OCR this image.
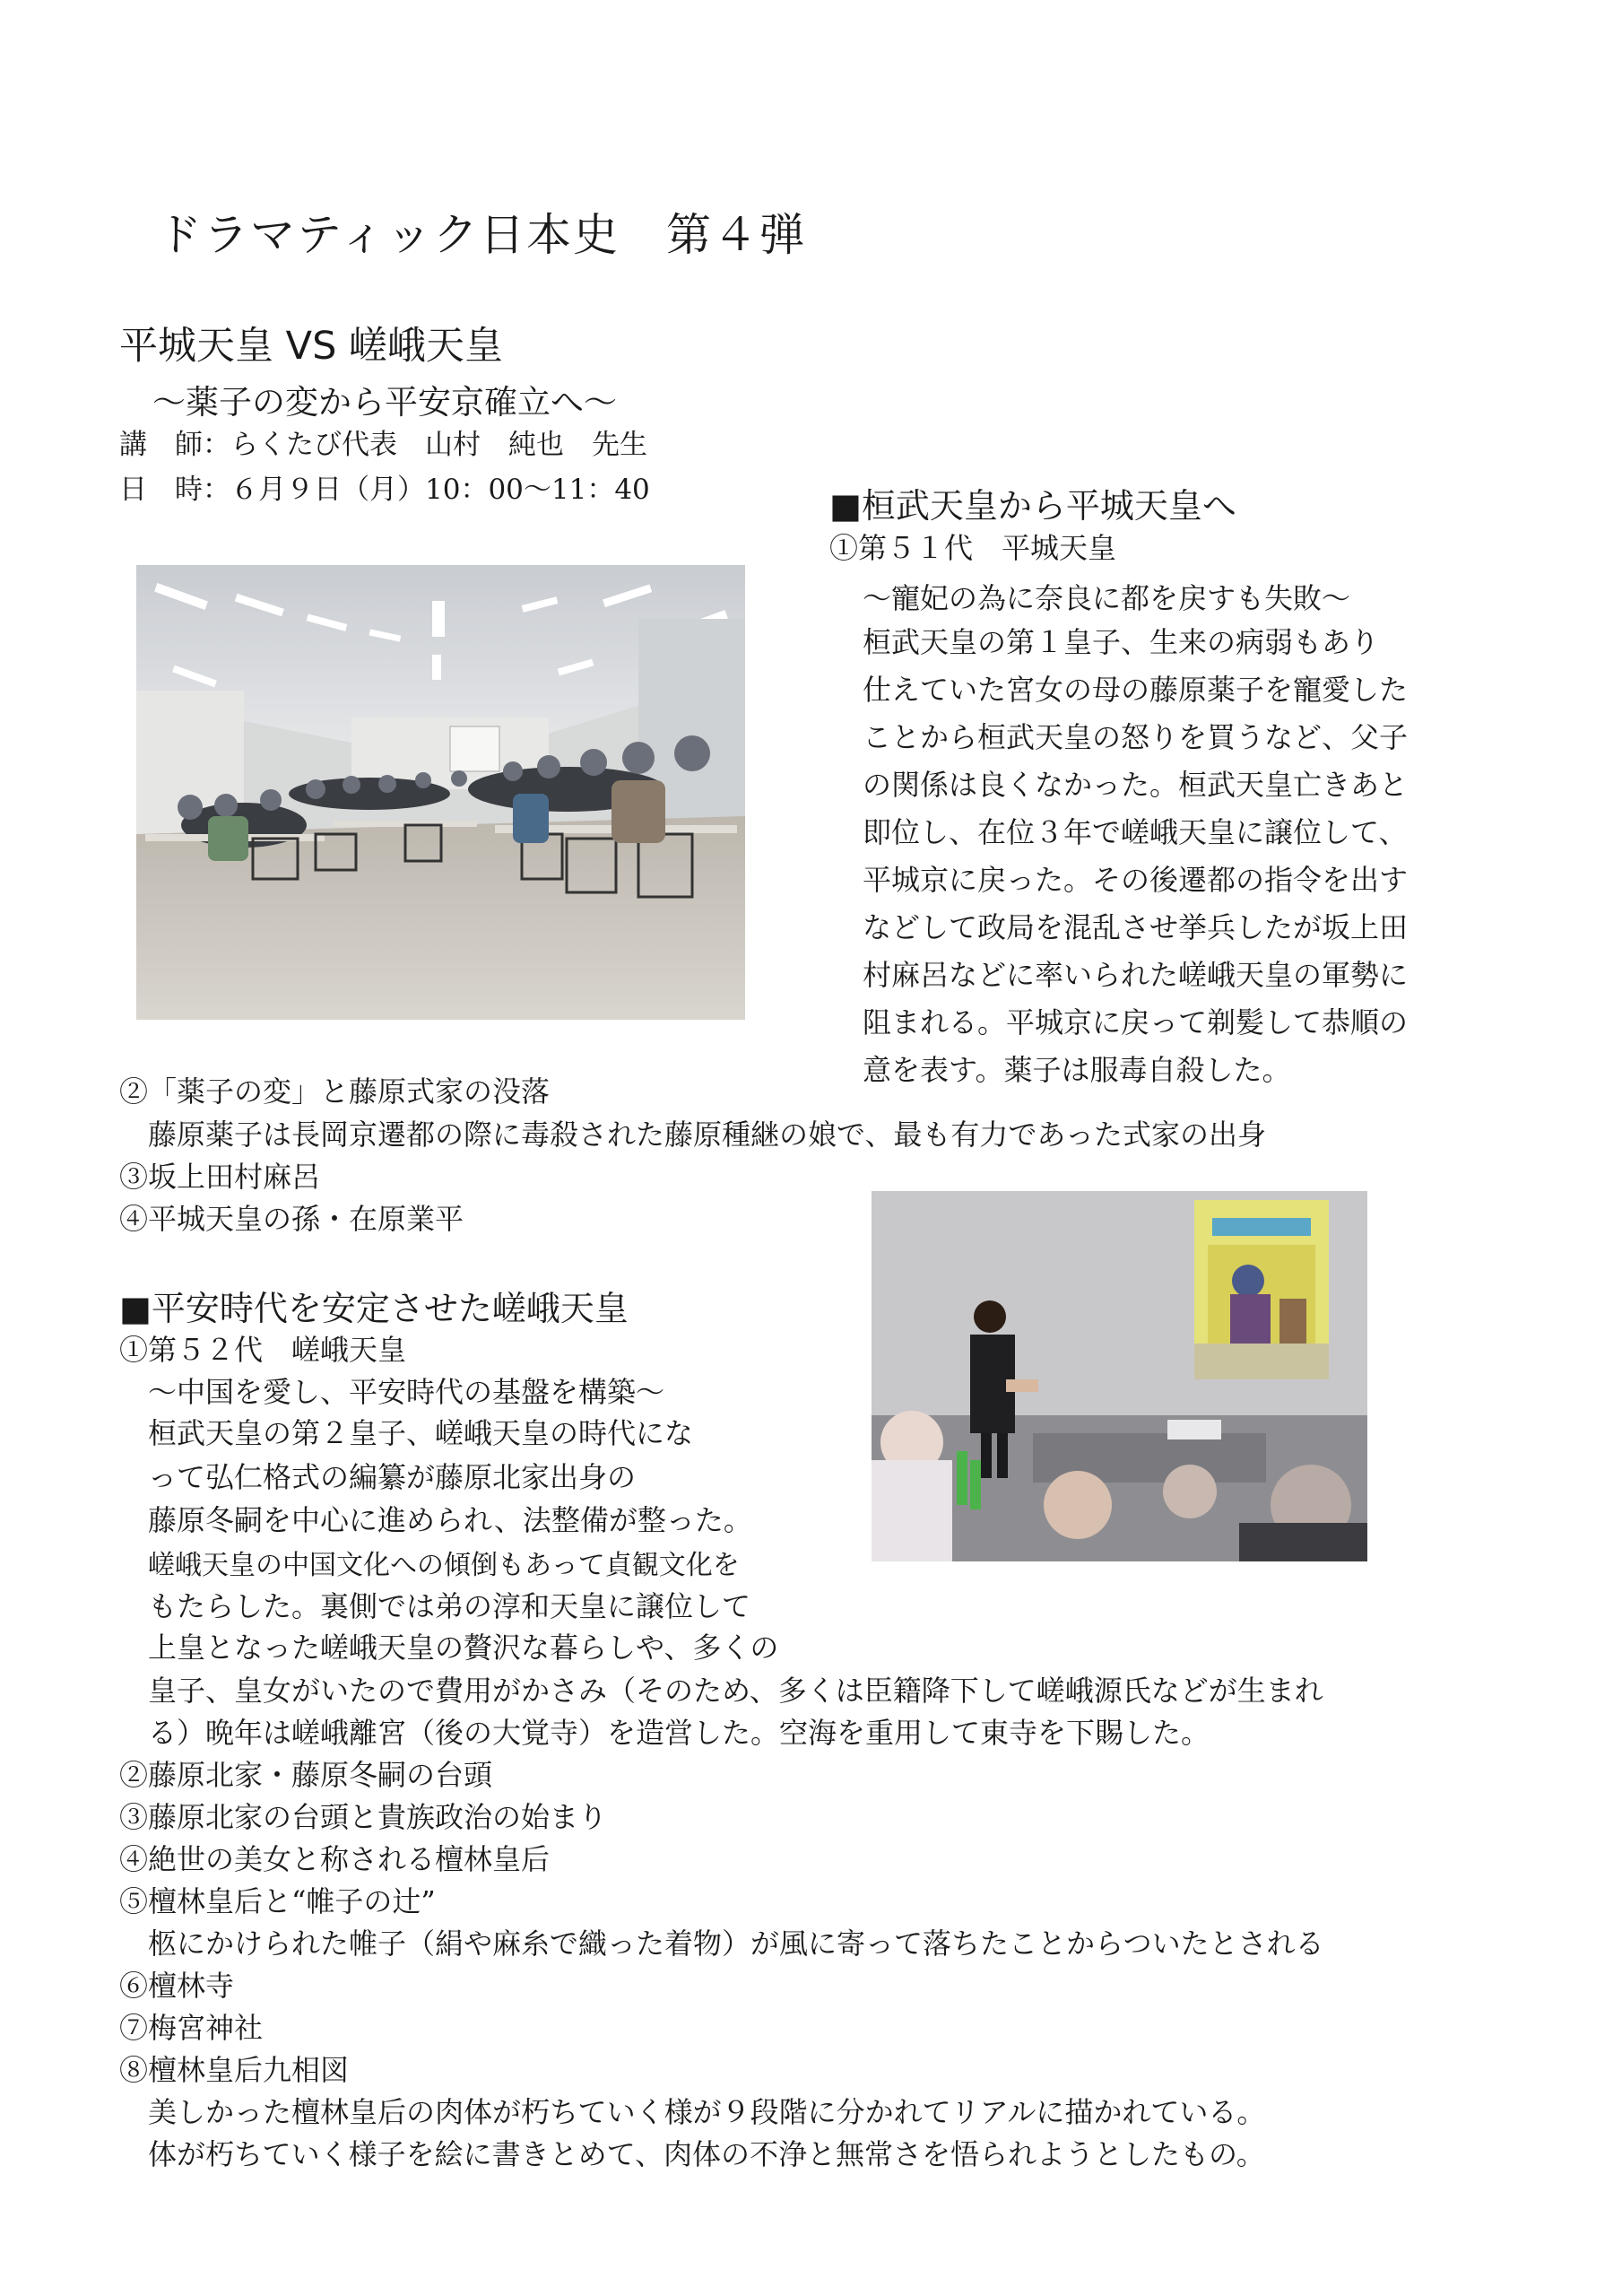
ドラマティック日本史　第４弾
平城天皇 VS 嵯峨天皇
～薬子の変から平安京確立へ～
講　師：らくたび代表　山村　純也　先生
日　時：６月９日（月）10：00～11：40	■桓武天皇から平城天皇へ
①第５１代　平城天皇
～寵妃の為に奈良に都を戻すも失敗～
桓武天皇の第１皇子、生来の病弱もあり
仕えていた宮女の母の藤原薬子を寵愛した
ことから桓武天皇の怒りを買うなど、父子
の関係は良くなかった。桓武天皇亡きあと
即位し、在位３年で嵯峨天皇に譲位して、
平城京に戻った。その後遷都の指令を出す
などして政局を混乱させ挙兵したが坂上田
村麻呂などに率いられた嵯峨天皇の軍勢に
阻まれる。平城京に戻って剃髪して恭順の
意を表す。薬子は服毒自殺した。
②「薬子の変」と藤原式家の没落
藤原薬子は長岡京遷都の際に毒殺された藤原種継の娘で、最も有力であった式家の出身
③坂上田村麻呂
④平城天皇の孫・在原業平
■平安時代を安定させた嵯峨天皇
①第５２代　嵯峨天皇
～中国を愛し、平安時代の基盤を構築～
桓武天皇の第２皇子、嵯峨天皇の時代にな
って弘仁格式の編纂が藤原北家出身の
藤原冬嗣を中心に進められ、法整備が整った。
嵯峨天皇の中国文化への傾倒もあって貞観文化を
もたらした。裏側では弟の淳和天皇に譲位して
上皇となった嵯峨天皇の贅沢な暮らしや、多くの
皇子、皇女がいたので費用がかさみ（そのため、多くは臣籍降下して嵯峨源氏などが生まれ
る）晩年は嵯峨離宮（後の大覚寺）を造営した。空海を重用して東寺を下賜した。
②藤原北家・藤原冬嗣の台頭
③藤原北家の台頭と貴族政治の始まり
④絶世の美女と称される檀林皇后
⑤檀林皇后と“帷子の辻”
柩にかけられた帷子（絹や麻糸で織った着物）が風に寄って落ちたことからついたとされる
⑥檀林寺
⑦梅宮神社
⑧檀林皇后九相図
美しかった檀林皇后の肉体が朽ちていく様が９段階に分かれてリアルに描かれている。
体が朽ちていく様子を絵に書きとめて、肉体の不浄と無常さを悟られようとしたもの。
